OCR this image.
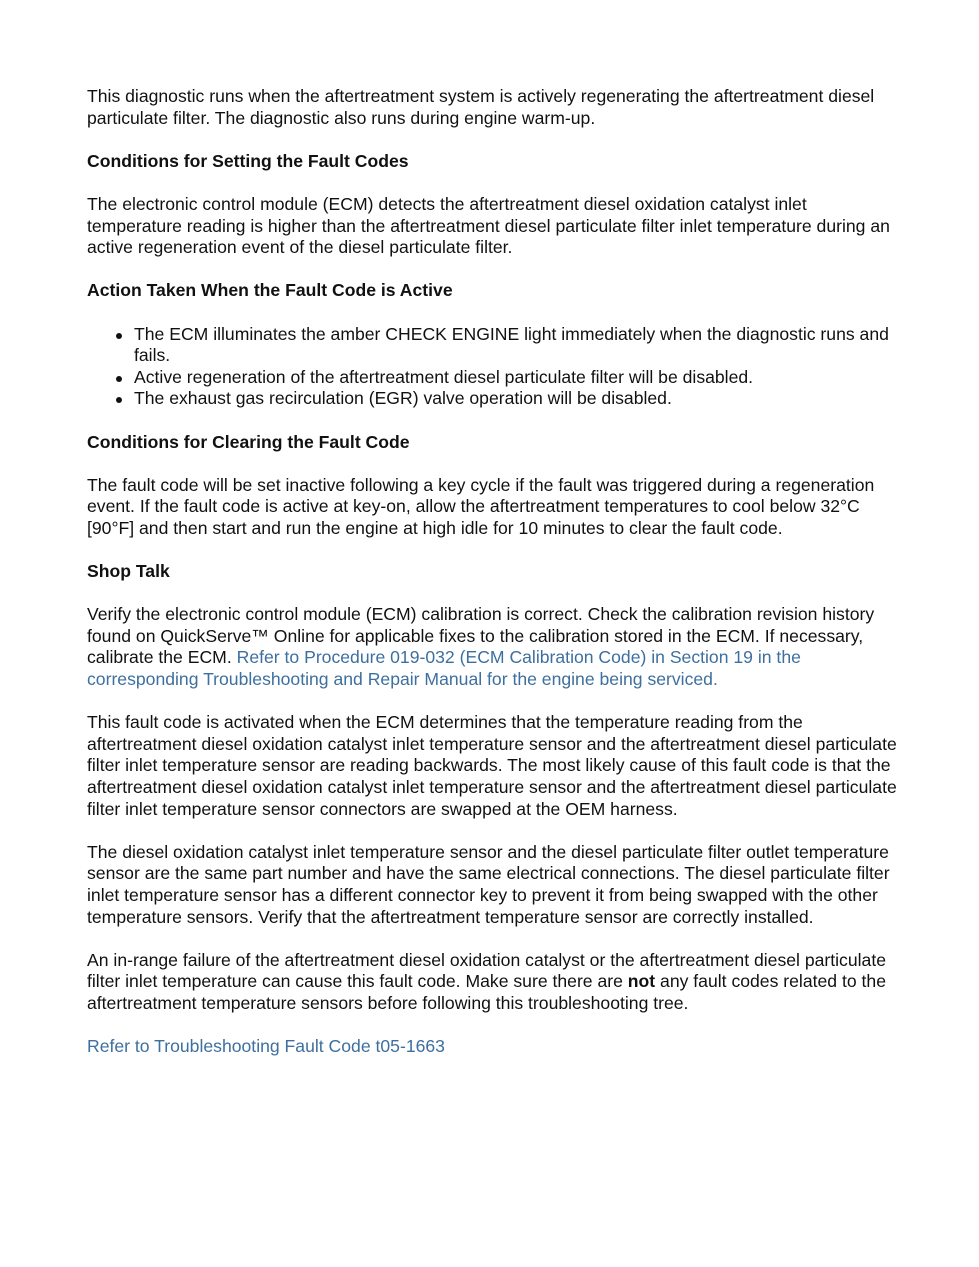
This diagnostic runs when the aftertreatment system is actively regenerating the aftertreatment diesel particulate filter. The diagnostic also runs during engine warm-up.

Conditions for Setting the Fault Codes

The electronic control module (ECM) detects the aftertreatment diesel oxidation catalyst inlet temperature reading is higher than the aftertreatment diesel particulate filter inlet temperature during an active regeneration event of the diesel particulate filter.

Action Taken When the Fault Code is Active

The ECM illuminates the amber CHECK ENGINE light immediately when the diagnostic runs and fails.
Active regeneration of the aftertreatment diesel particulate filter will be disabled.
The exhaust gas recirculation (EGR) valve operation will be disabled.

Conditions for Clearing the Fault Code

The fault code will be set inactive following a key cycle if the fault was triggered during a regeneration event. If the fault code is active at key-on, allow the aftertreatment temperatures to cool below 32°C [90°F] and then start and run the engine at high idle for 10 minutes to clear the fault code.

Shop Talk

Verify the electronic control module (ECM) calibration is correct. Check the calibration revision history found on QuickServe™ Online for applicable fixes to the calibration stored in the ECM. If necessary, calibrate the ECM. Refer to Procedure 019-032 (ECM Calibration Code) in Section 19 in the corresponding Troubleshooting and Repair Manual for the engine being serviced.

This fault code is activated when the ECM determines that the temperature reading from the aftertreatment diesel oxidation catalyst inlet temperature sensor and the aftertreatment diesel particulate filter inlet temperature sensor are reading backwards. The most likely cause of this fault code is that the aftertreatment diesel oxidation catalyst inlet temperature sensor and the aftertreatment diesel particulate filter inlet temperature sensor connectors are swapped at the OEM harness.

The diesel oxidation catalyst inlet temperature sensor and the diesel particulate filter outlet temperature sensor are the same part number and have the same electrical connections. The diesel particulate filter inlet temperature sensor has a different connector key to prevent it from being swapped with the other temperature sensors. Verify that the aftertreatment temperature sensor are correctly installed.

An in-range failure of the aftertreatment diesel oxidation catalyst or the aftertreatment diesel particulate filter inlet temperature can cause this fault code. Make sure there are not any fault codes related to the aftertreatment temperature sensors before following this troubleshooting tree.

Refer to Troubleshooting Fault Code t05-1663
